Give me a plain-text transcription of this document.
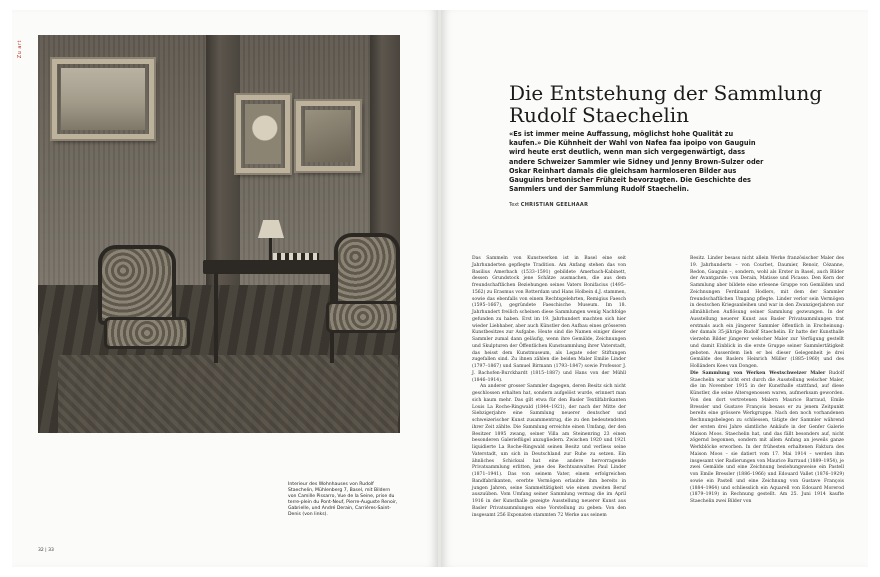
Zu art
Interieur des Wohnhauses von Rudolf Staechelin, Mühlenberg 7, Basel, mit Bildern von Camille Pissarro, Vue de la Seine, prise du terre-plein du Pont-Neuf, Pierre-Auguste Renoir, Gabrielle, und André Derain, Carrières-Saint-Denis (von links).
32 | 33
Die Entstehung der Sammlung Rudolf Staechelin

«Es ist immer meine Auffassung, möglichst hohe Qualität zu kaufen.» Die Kühnheit der Wahl von Nafea faa ipoipo von Gauguin wird heute erst deutlich, wenn man sich vergegenwärtigt, dass andere Schweizer Sammler wie Sidney und Jenny Brown-Sulzer oder Oskar Reinhart damals die gleichsam harmloseren Bilder aus Gauguins bretonischer Frühzeit bevorzugten. Die Geschichte des Sammlers und der Sammlung Rudolf Staechelin.

Text CHRISTIAN GEELHAAR

Das Sammeln von Kunstwerken ist in Basel eine seit Jahrhunderten gepflegte Tradition. Am Anfang stehen das von Basilius Amerbach (1533–1591) gebildete Amerbach-Kabinett, dessen Grundstock jene Schätze ausmachen, die aus dem freundschaftlichen Beziehungen seines Vaters Bonifacius (1495–1562) zu Erasmus von Rotterdam und Hans Holbein d.J. stammen, sowie das ebenfalls von einem Rechtsgelehrten, Remigius Faesch (1595–1667), gegründete Faeschische Museum. Im 18. Jahrhundert freilich scheinen diese Sammlungen wenig Nachfolge gefunden zu haben. Erst im 19. Jahrhundert machten sich hier wieder Liebhaber, aber auch Künstler den Aufbau eines grösseren Kunstbesitzes zur Aufgabe. Heute sind die Namen einiger dieser Sammler zumal dann geläufig, wenn ihre Gemälde, Zeichnungen und Skulpturen der Öffentlichen Kunstsammlung ihrer Vaterstadt, das heisst dem Kunstmuseum, als Legate oder Stiftungen zugefallen sind. Zu ihnen zählen die beiden Maler Emilie Linder (1797–1867) und Samuel Birmann (1793–1847) sowie Professor J. J. Bachofen-Burckhardt (1815–1887) und Hans von der Mühll (1846–1914).

An anderer grosser Sammler dagegen, deren Besitz sich nicht geschlossen erhalten hat, sondern aufgelöst wurde, erinnert man sich kaum mehr. Das gilt etwa für den Basler Textilfabrikanten Louis La Roche-Ringwald (1844–1921), der nach der Mitte der Siebzigerjahre eine Sammlung neuerer deutscher und schweizerischer Kunst zusammentrug, die zu den bedeutendsten ihrer Zeit zählte. Die Sammlung erreichte einen Umfang, der den Besitzer 1895 zwang, seiner Villa am Steinenring 23 einen besonderen Galerieflügel anzugliedern. Zwischen 1920 und 1921 liquidierte La Roche-Ringwald seinen Besitz und verliess seine Vaterstadt, um sich in Deutschland zur Ruhe zu setzen. Ein ähnliches Schicksal hat eine andere hervorragende Privatsammlung erlitten, jene des Rechtsanwaltes Paul Linder (1871–1941). Das von seinem Vater, einem erfolgreichen Bandfabrikanten, ererbte Vermögen erlaubte ihm bereits in jungen Jahren, seine Sammeltätigkeit wie einen zweiten Beruf auszuüben. Vom Umfang seiner Sammlung vermag die im April 1916 in der Kunsthalle gezeigte Ausstellung neuerer Kunst aus Basler Privatsammlungen eine Vorstellung zu geben: Von den insgesamt 256 Exponaten stammten 72 Werke aus seinem

Besitz. Linder besass nicht allein Werke französischer Maler des 19. Jahrhunderts – von Courbet, Daumier, Renoir, Cézanne, Redon, Gauguin –, sondern, wohl als Erster in Basel, auch Bilder der Avantgarde: von Derain, Matisse und Picasso. Den Kern der Sammlung aber bildete eine erlesene Gruppe von Gemälden und Zeichnungen Ferdinand Hodlers, mit dem der Sammler freundschaftlichen Umgang pflegte. Linder verlor sein Vermögen in deutschen Kriegsanleihen und war in den Zwanzigerjahren zur allmählichen Auflösung seiner Sammlung gezwungen. In der Ausstellung neuerer Kunst aus Basler Privatsammlungen trat erstmals auch ein jüngerer Sammler öffentlich in Erscheinung: der damals 35-jährige Rudolf Staechelin. Er hatte der Kunsthalle vierzehn Bilder jüngerer welscher Maler zur Verfügung gestellt und damit Einblick in die erste Gruppe seiner Sammlertätigkeit geboten. Ausserdem lieh er bei dieser Gelegenheit je drei Gemälde des Baslers Heinrich Müller (1885–1960) und des Holländers Kees van Dongen.

Die Sammlung von Werken Westschweizer Maler Rudolf Staechelin war nicht erst durch die Ausstellung welscher Maler, die im November 1915 in der Kunsthalle stattfand, auf diese Künstler, die seine Altersgenossen waren, aufmerksam geworden. Von den dort vertretenen Malern Maurice Barraud, Emile Bressler und Gustave François besass er zu jenem Zeitpunkt bereits eine grössere Werkgruppe. Nach den noch vorhandenen Rechnungsbelegen zu schliessen, tätigte der Sammler während der ersten drei Jahre sämtliche Ankäufe in der Genfer Galerie Maison Moos. Staechelin hat, und das fällt besonders auf, nicht zögernd begonnen, sondern mit allem Anfang an jeweils ganze Werkblöcke erworben. In der frühesten erhaltenen Faktura des Maison Moos – sie datiert vom 17. Mai 1914 – werden ihm insgesamt vier Radierungen von Maurice Barraud (1889–1954), je zwei Gemälde und eine Zeichnung beziehungsweise ein Pastell von Emile Bressler (1886–1966) und Edouard Vallet (1876–1929) sowie ein Pastell und eine Zeichnung von Gustave François (1884–1964) und schliesslich ein Aquarell von Edouard Morerod (1879–1919) in Rechnung gestellt. Am 25. Juni 1914 kaufte Staechelin zwei Bilder von
